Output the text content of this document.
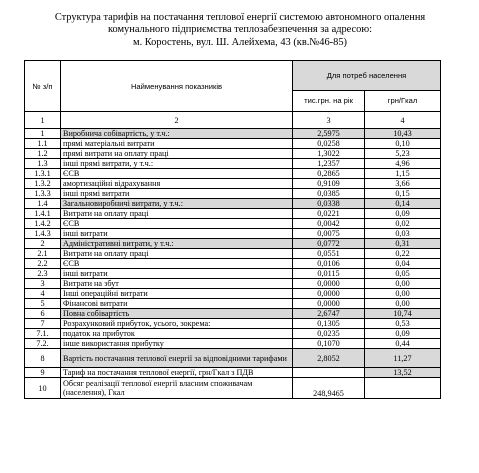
Структура тарифів на постачання теплової енергії системою автономного опалення
комунального підприємства теплозабезпечення за адресою:
м. Коростень, вул. Ш. Алейхема, 43 (кв.№46-85)
№ з/п	Найменування показників	Для потреб населення	
		тис.грн. на рік	грн/Гкал
1	2	3	4
1	Виробнича собівартість, у т.ч.:	2,5975	10,43
1.1	прямі матеріальні витрати	0,0258	0,10
1.2	прямі витрати на оплату праці	1,3022	5,23
1.3	інші прямі витрати, у т.ч.:	1,2357	4,96
1.3.1	ЄСВ	0,2865	1,15
1.3.2	амортизаційні відрахування	0,9109	3,66
1.3.3	інші прямі витрати	0,0385	0,15
1.4	Загальновиробничі витрати, у т.ч.:	0,0338	0,14
1.4.1	Витрати на оплату праці	0,0221	0,09
1.4.2	ЄСВ	0,0042	0,02
1.4.3	інші витрати	0,0075	0,03
2	Адміністративні витрати, у т.ч.:	0,0772	0,31
2.1	Витрати на оплату праці	0,0551	0,22
2.2	ЄСВ	0,0106	0,04
2.3	інші витрати	0,0115	0,05
3	Витрати на збут	0,0000	0,00
4	Інші операційні витрати	0,0000	0,00
5	Фінансові витрати	0,0000	0,00
6	Повна собівартість	2,6747	10,74
7	Розрахунковий прибуток, усього, зокрема:	0,1305	0,53
7.1.	податок на прибуток	0,0235	0,09
7.2.	інше використання прибутку	0,1070	0,44
8	Вартість постачання теплової енергії за відповідними тарифами	2,8052	11,27
9	Тариф на постачання теплової енергії, грн/Гкал з ПДВ		13,52
10	Обсяг реалізації теплової енергії власним споживачам (населення), Гкал	248,9465	
